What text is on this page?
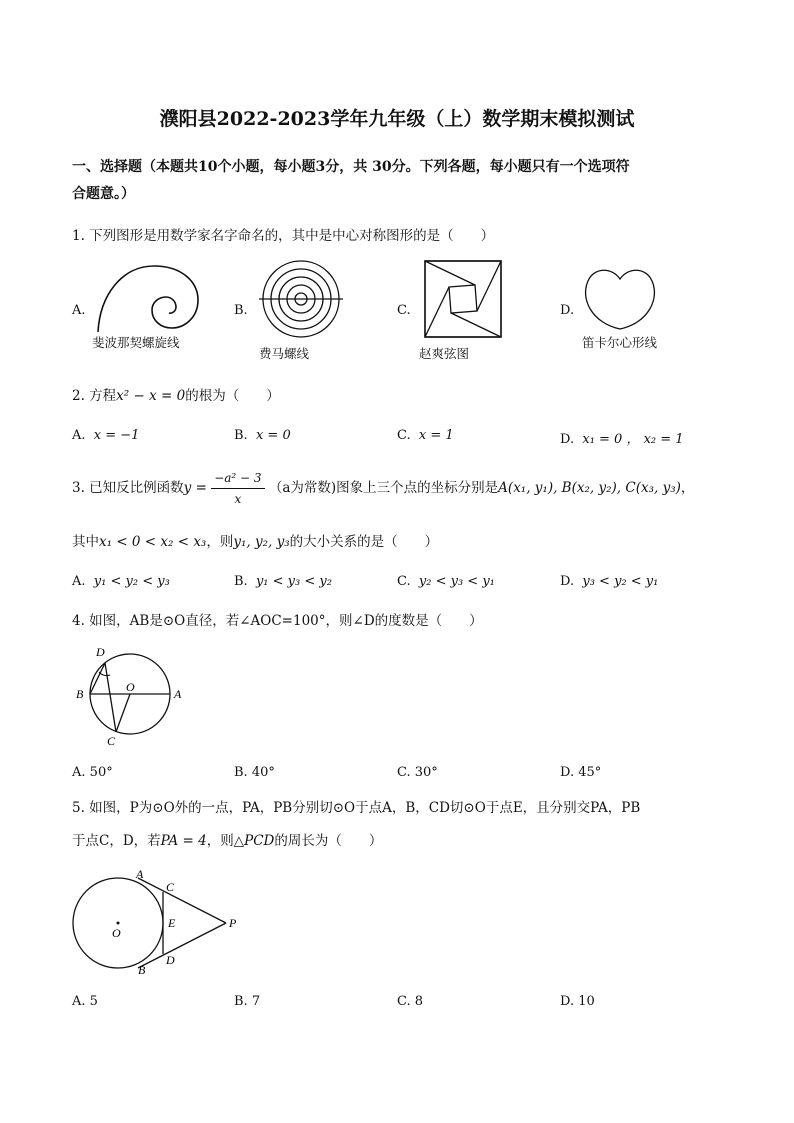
濮阳县2022-2023学年九年级（上）数学期末模拟测试
一、选择题（本题共10个小题，每小题3分，共 30分。下列各题，每小题只有一个选项符
合题意。）
1. 下列图形是用数学家名字命名的，其中是中心对称图形的是（　　）
A.
斐波那契螺旋线
B.
费马螺线
C.
赵爽弦图
D.
笛卡尔心形线
2. 方程x² − x = 0的根为（　　）
A. x = −1	B. x = 0	C. x = 1	D. x₁ = 0 ， x₂ = 1
3. 已知反比例函数$y = \frac{\text{−a² − 3}}{x} (a$为常数)图象上三个点的坐标分别是A(x₁, y₁), B(x₂, y₂), C(x₃, y₃)，
其中x₁ < 0 < x₂ < x₃，则y₁, y₂, y₃的大小关系的是（　　）
A. y₁ < y₂ < y₃	B. y₁ < y₃ < y₂	C. y₂ < y₃ < y₁	D. y₃ < y₂ < y₁
4. 如图，AB是⊙O直径，若∠AOC=100°，则∠D的度数是（　　）
D
B	O	A
C
A. 50°	B. 40°	C. 30°	D. 45°
5. 如图，P为⊙O外的一点，PA，PB分别切⊙O于点A，B，CD切⊙O于点E，且分别交PA，PB
于点C，D，若PA = 4，则△PCD的周长为（　　）
A
C
O
E	P
B
D
A. 5	B. 7	C. 8	D. 10
